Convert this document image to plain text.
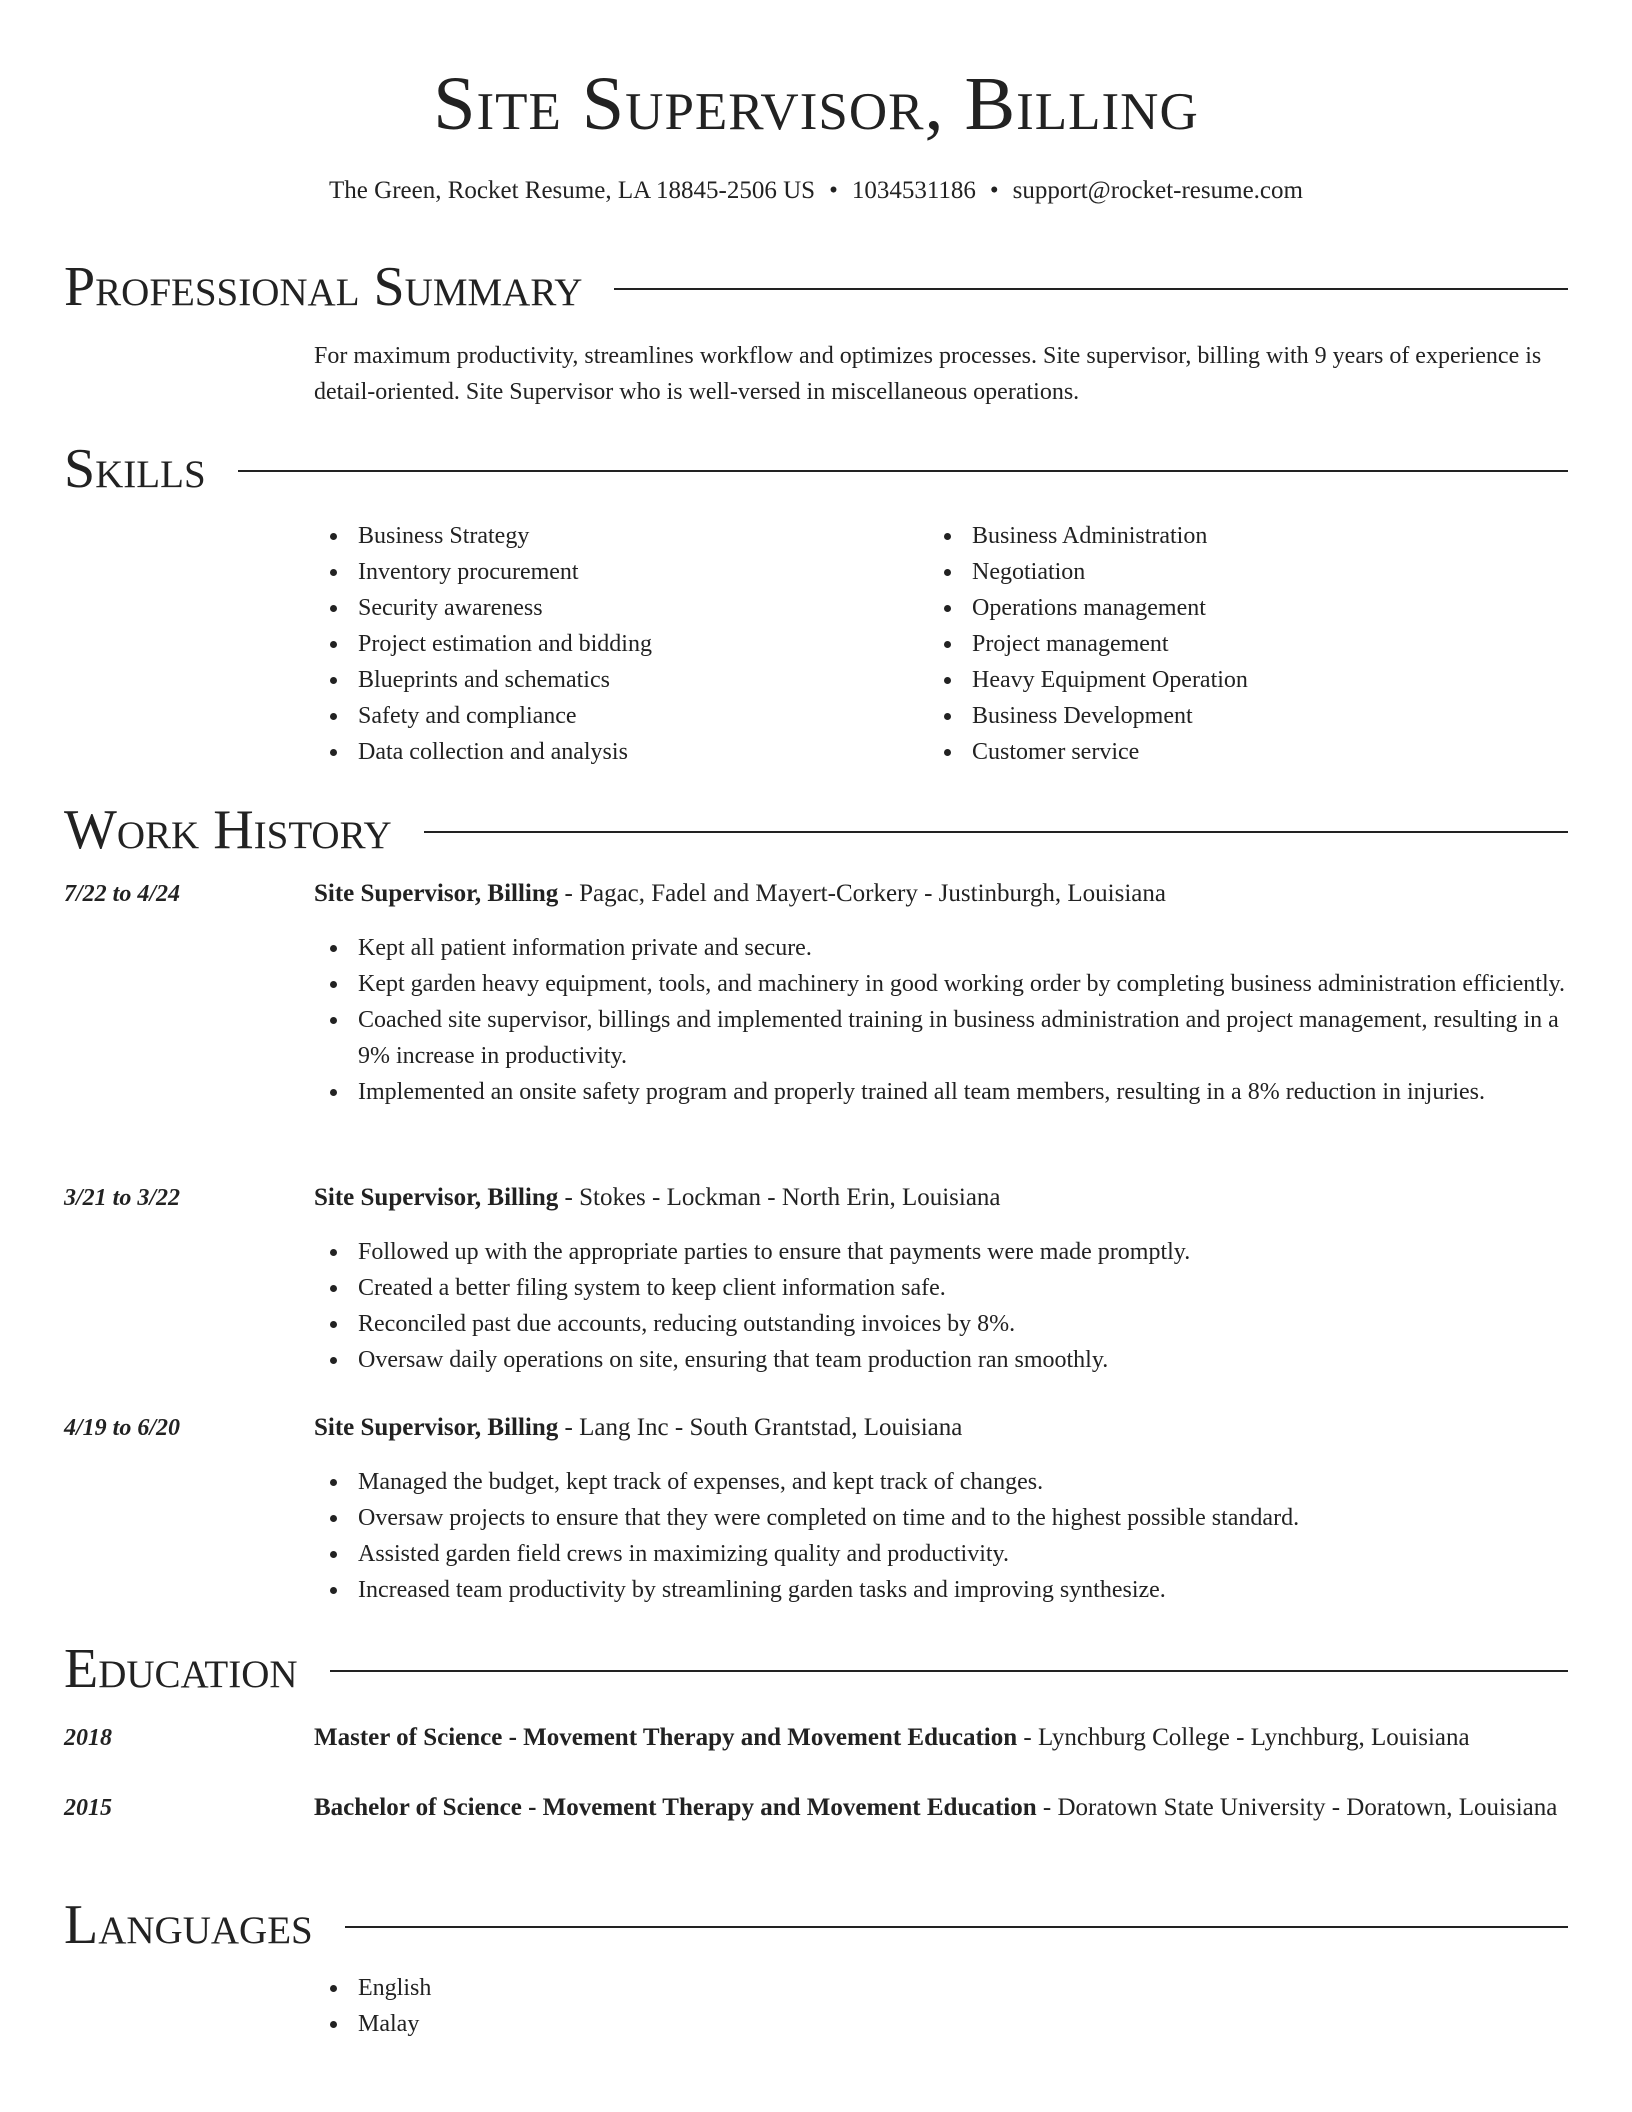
Site Supervisor, Billing
The Green, Rocket Resume, LA 18845-2506 US • 1034531186 • support@rocket-resume.com
Professional Summary
For maximum productivity, streamlines workflow and optimizes processes. Site supervisor, billing with 9 years of experience is detail-oriented. Site Supervisor who is well-versed in miscellaneous operations.
Skills
Business Strategy
Inventory procurement
Security awareness
Project estimation and bidding
Blueprints and schematics
Safety and compliance
Data collection and analysis
Business Administration
Negotiation
Operations management
Project management
Heavy Equipment Operation
Business Development
Customer service
Work History
7/22 to 4/24	Site Supervisor, Billing - Pagac, Fadel and Mayert-Corkery - Justinburgh, Louisiana
Kept all patient information private and secure.
Kept garden heavy equipment, tools, and machinery in good working order by completing business administration efficiently.
Coached site supervisor, billings and implemented training in business administration and project management, resulting in a 9% increase in productivity.
Implemented an onsite safety program and properly trained all team members, resulting in a 8% reduction in injuries.
3/21 to 3/22	Site Supervisor, Billing - Stokes - Lockman - North Erin, Louisiana
Followed up with the appropriate parties to ensure that payments were made promptly.
Created a better filing system to keep client information safe.
Reconciled past due accounts, reducing outstanding invoices by 8%.
Oversaw daily operations on site, ensuring that team production ran smoothly.
4/19 to 6/20	Site Supervisor, Billing - Lang Inc - South Grantstad, Louisiana
Managed the budget, kept track of expenses, and kept track of changes.
Oversaw projects to ensure that they were completed on time and to the highest possible standard.
Assisted garden field crews in maximizing quality and productivity.
Increased team productivity by streamlining garden tasks and improving synthesize.
Education
2018	Master of Science - Movement Therapy and Movement Education - Lynchburg College - Lynchburg, Louisiana
2015	Bachelor of Science - Movement Therapy and Movement Education - Doratown State University - Doratown, Louisiana
Languages
English
Malay
